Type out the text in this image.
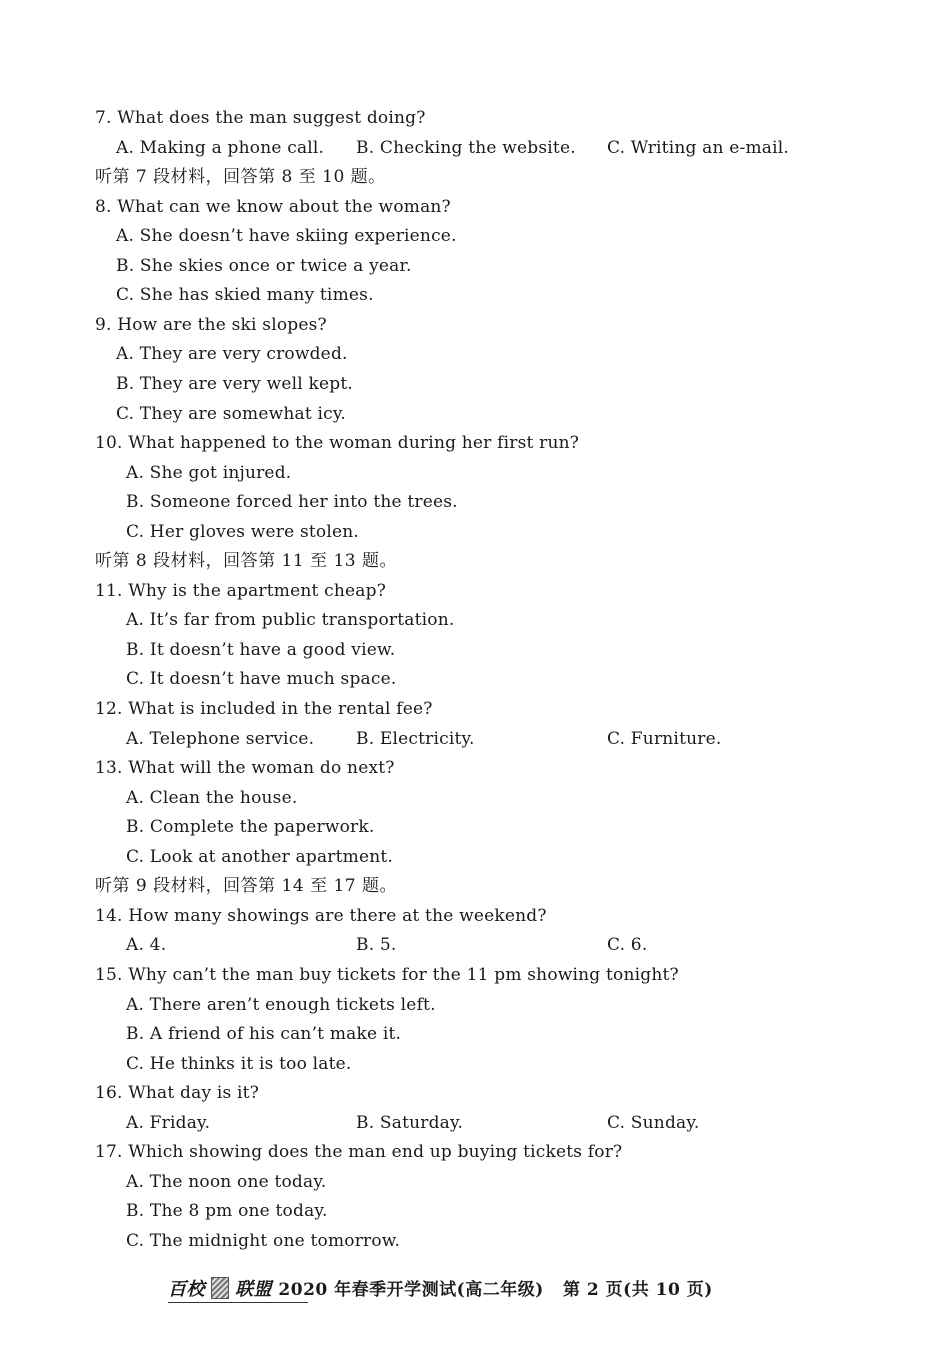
7. What does the man suggest doing?
A. Making a phone call. B. Checking the website. C. Writing an e-mail.
听第 7 段材料，回答第 8 至 10 题。
8. What can we know about the woman?
A. She doesn’t have skiing experience.
B. She skies once or twice a year.
C. She has skied many times.
9. How are the ski slopes?
A. They are very crowded.
B. They are very well kept.
C. They are somewhat icy.
10. What happened to the woman during her first run?
A. She got injured.
B. Someone forced her into the trees.
C. Her gloves were stolen.
听第 8 段材料，回答第 11 至 13 题。
11. Why is the apartment cheap?
A. It’s far from public transportation.
B. It doesn’t have a good view.
C. It doesn’t have much space.
12. What is included in the rental fee?
A. Telephone service. B. Electricity.	C. Furniture.
13. What will the woman do next?
A. Clean the house.
B. Complete the paperwork.
C. Look at another apartment.
听第 9 段材料，回答第 14 至 17 题。
14. How many showings are there at the weekend?
A. 4.	B. 5.	C. 6.
15. Why can’t the man buy tickets for the 11 pm showing tonight?
A. There aren’t enough tickets left.
B. A friend of his can’t make it.
C. He thinks it is too late.
16. What day is it?
A. Friday.	B. Saturday.	C. Sunday.
17. Which showing does the man end up buying tickets for?
A. The noon one today.
B. The 8 pm one today.
C. The midnight one tomorrow.
百校 联盟 2020 年春季开学测试(高二年级) 第 2 页(共 10 页)
